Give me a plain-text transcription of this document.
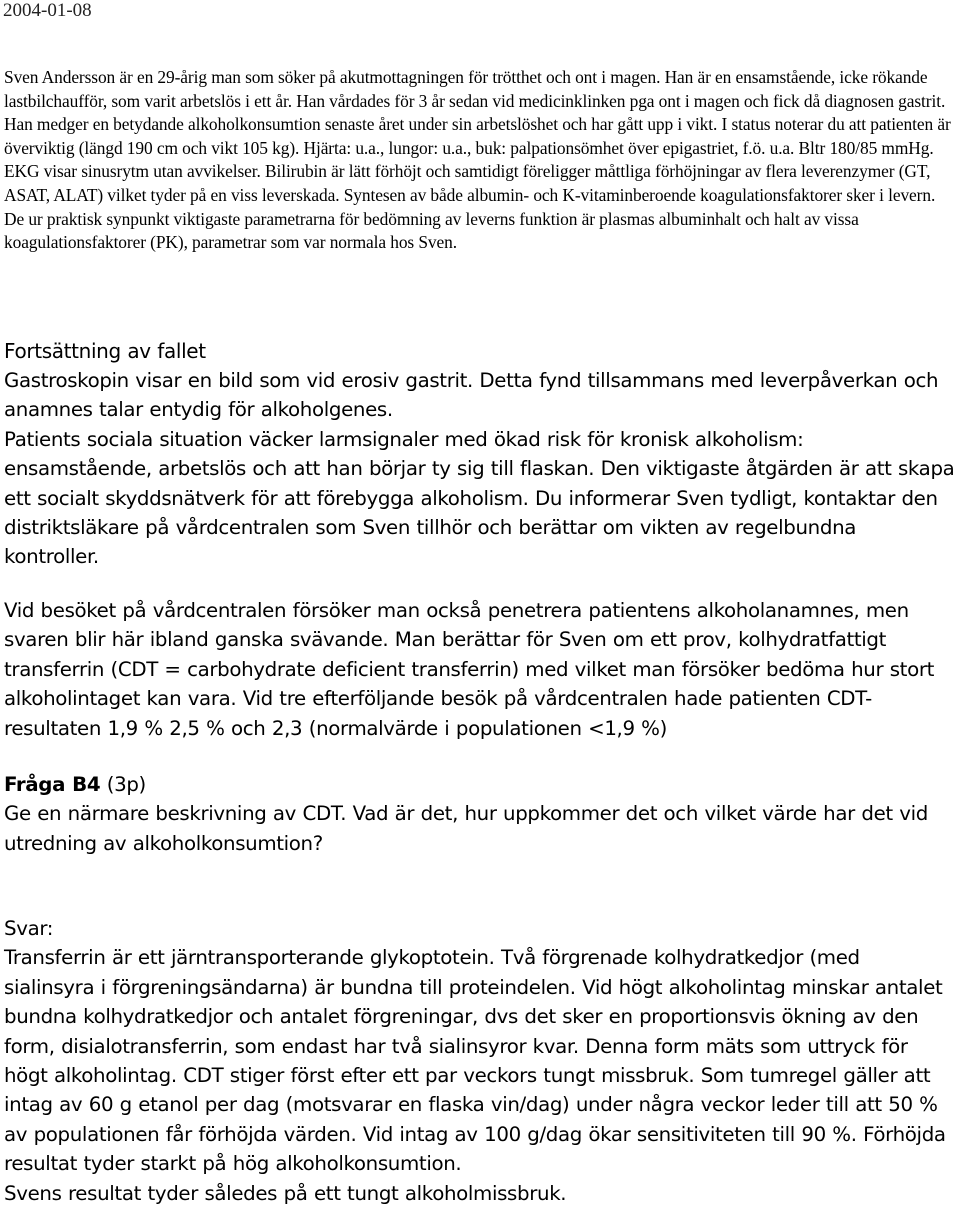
2004-01-08

Sven Andersson är en 29-årig man som söker på akutmottagningen för trötthet och ont i magen. Han är en ensamstående, icke rökande lastbilchaufför, som varit arbetslös i ett år. Han vårdades för 3 år sedan vid medicinklinken pga ont i magen och fick då diagnosen gastrit. Han medger en betydande alkoholkonsumtion senaste året under sin arbetslöshet och har gått upp i vikt. I status noterar du att patienten är överviktig (längd 190 cm och vikt 105 kg). Hjärta: u.a., lungor: u.a., buk: palpationsömhet över epigastriet, f.ö. u.a. Bltr 180/85 mmHg. EKG visar sinusrytm utan avvikelser. Bilirubin är lätt förhöjt och samtidigt föreligger måttliga förhöjningar av flera leverenzymer (GT, ASAT, ALAT) vilket tyder på en viss leverskada. Syntesen av både albumin- och K-vitaminberoende koagulationsfaktorer sker i levern. De ur praktisk synpunkt viktigaste parametrarna för bedömning av leverns funktion är plasmas albuminhalt och halt av vissa koagulationsfaktorer (PK), parametrar som var normala hos Sven.

Fortsättning av fallet

Gastroskopin visar en bild som vid erosiv gastrit. Detta fynd tillsammans med leverpåverkan och anamnes talar entydig för alkoholgenes.

Patients sociala situation väcker larmsignaler med ökad risk för kronisk alkoholism: ensamstående, arbetslös och att han börjar ty sig till flaskan. Den viktigaste åtgärden är att skapa ett socialt skyddsnätverk för att förebygga alkoholism. Du informerar Sven tydligt, kontaktar den distriktsläkare på vårdcentralen som Sven tillhör och berättar om vikten av regelbundna kontroller.

Vid besöket på vårdcentralen försöker man också penetrera patientens alkoholanamnes, men svaren blir här ibland ganska svävande. Man berättar för Sven om ett prov, kolhydratfattigt transferrin (CDT = carbohydrate deficient transferrin) med vilket man försöker bedöma hur stort alkoholintaget kan vara. Vid tre efterföljande besök på vårdcentralen hade patienten CDT-resultaten 1,9 % 2,5 % och 2,3 (normalvärde i populationen <1,9 %)

Fråga B4 (3p)

Ge en närmare beskrivning av CDT. Vad är det, hur uppkommer det och vilket värde har det vid utredning av alkoholkonsumtion?

Svar:

Transferrin är ett järntransporterande glykoptotein. Två förgrenade kolhydratkedjor (med sialinsyra i förgreningsändarna) är bundna till proteindelen. Vid högt alkoholintag minskar antalet bundna kolhydratkedjor och antalet förgreningar, dvs det sker en proportionsvis ökning av den form, disialotransferrin, som endast har två sialinsyror kvar. Denna form mäts som uttryck för högt alkoholintag. CDT stiger först efter ett par veckors tungt missbruk. Som tumregel gäller att intag av 60 g etanol per dag (motsvarar en flaska vin/dag) under några veckor leder till att 50 % av populationen får förhöjda värden. Vid intag av 100 g/dag ökar sensitiviteten till 90 %. Förhöjda resultat tyder starkt på hög alkoholkonsumtion.

Svens resultat tyder således på ett tungt alkoholmissbruk.
